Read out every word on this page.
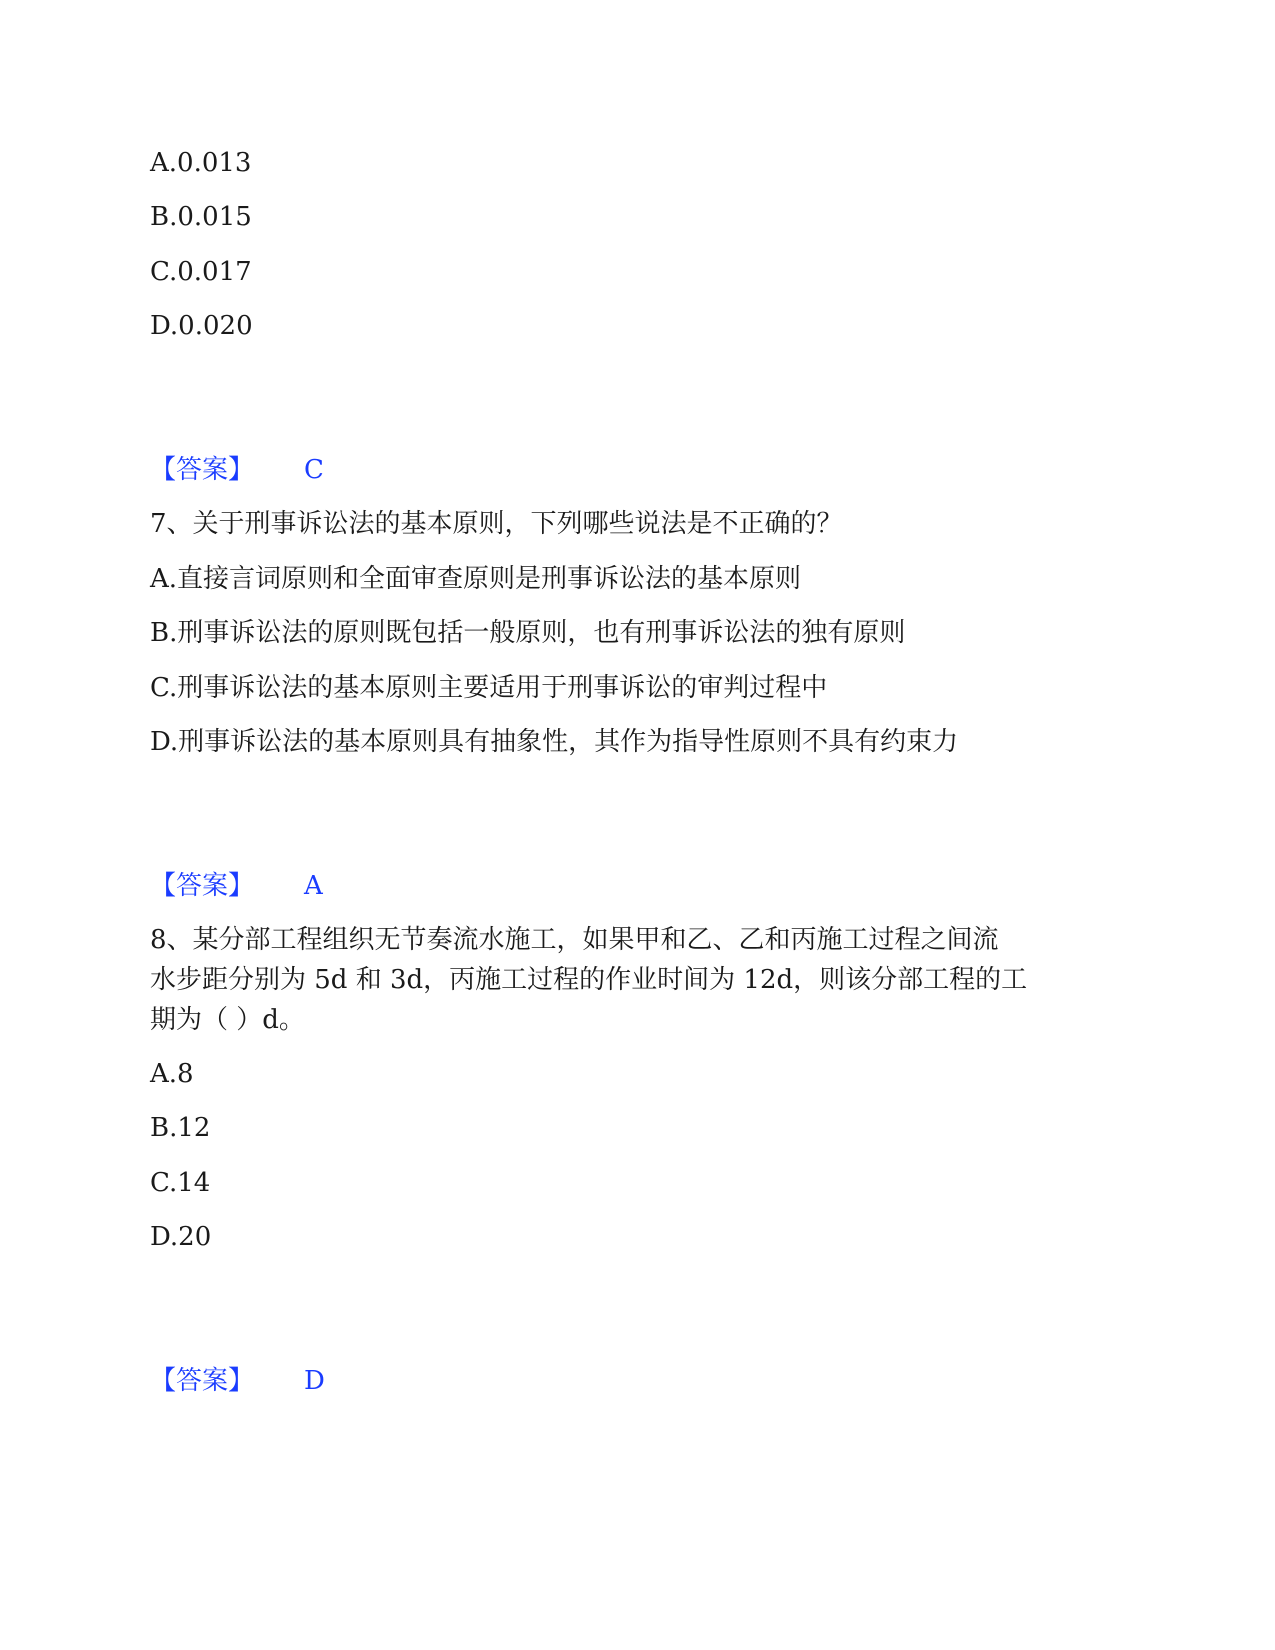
A.0.013
B.0.015
C.0.017
D.0.020
【答案】 C
7、关于刑事诉讼法的基本原则，下列哪些说法是不正确的？
A.直接言词原则和全面审查原则是刑事诉讼法的基本原则
B.刑事诉讼法的原则既包括一般原则，也有刑事诉讼法的独有原则
C.刑事诉讼法的基本原则主要适用于刑事诉讼的审判过程中
D.刑事诉讼法的基本原则具有抽象性，其作为指导性原则不具有约束力
【答案】 A
8、某分部工程组织无节奏流水施工，如果甲和乙、乙和丙施工过程之间流
水步距分别为 5d 和 3d，丙施工过程的作业时间为 12d，则该分部工程的工
期为（ ）d。
A.8
B.12
C.14
D.20
【答案】 D
